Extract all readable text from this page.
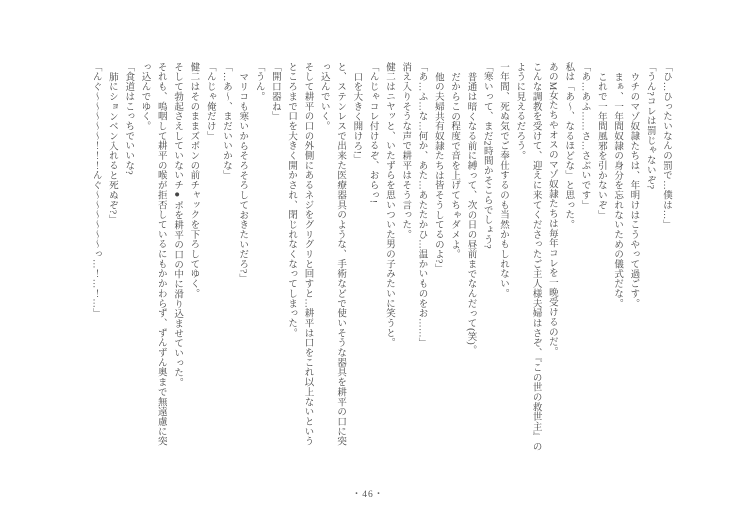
「ひ…ひったいなんの罰で…僕は…」

「うん?コレは罰じゃないぞ?

ウチのマゾ奴隷たちは、年明けはこうやって過ごす。

まぁ、一年間奴隷の身分を忘れないための儀式だな。

これで一年間風邪を引かないぞ」

「あ…あふ……さ…さぶいです」

私は「あ〜、なるほどな」と思った。

あのM女たちやオスのマゾ奴隷たちは毎年コレを一晩受けるのだ。

こんな調教を受けて、迎えに来てくださったご主人様夫婦はさぞ、『この世の救世主』の

ように見えるだろう。

一年間、死ぬ気でご奉仕するのも当然かもしれない。

「寒いって、まだ2時間かそこらでしょう?

普通は暗くなる前に縛って、次の日の昼前までなんだって(笑)。

だからこの程度で音を上げてちゃダメよ。

他の夫婦共有奴隷たちは皆そうしてるのよ?」

「あ…ふ…な…何か、あた…あたたかひ…温かいものをお……」

消え入りそうな声で耕平はそう言った。

健二はニヤッと、いたずらを思いついた男の子みたいに笑うと。

「んじゃコレ付けるぞ、おらっ!

口を大きく開けろ!」

と、ステンレスで出来た医療器具のような、手術などで使いそうな器具を耕平の口に突

っ込んでいく。

そして耕平の口の外側にあるネジをグリグリと回すと…耕平は口をこれ以上ないという

ところまで口を大きく開かされ、閉じれなくなってしまった。

「開口器ね」

「うん。

マリコも寒いからそろそろしておきたいだろ?」

「…あ〜、まだいいかな」

「んじゃ俺だけ」

健二はそのままズボンの前チャックを下ろしてゆく。

そして勃起さえしていないチ●ポを耕平の口の中に滑り込ませていった。

それも、嗚咽して耕平の喉が拒否しているにもかかわらず、ずんずん奥まで無遠慮に突

っ込んでゆく。

「食道はこっちでいいな?

肺にションベン入れると死ぬぞ?」

「んぐ〜〜〜〜〜！！！んぐ〜〜〜〜〜〜っ…！…！…」

・46・
